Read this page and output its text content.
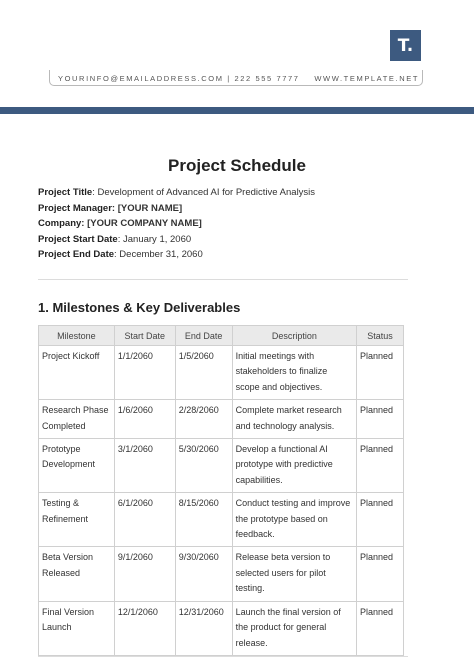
T.
YOURINFO@EMAILADDRESS.COM | 222 555 7777 WWW.TEMPLATE.NET
Project Schedule
Project Title: Development of Advanced AI for Predictive Analysis
Project Manager: [YOUR NAME]
Company: [YOUR COMPANY NAME]
Project Start Date: January 1, 2060
Project End Date: December 31, 2060
1. Milestones & Key Deliverables
Milestone	Start Date	End Date	Description	Status
Project Kickoff	1/1/2060	1/5/2060	Initial meetings with stakeholders to finalize scope and objectives.	Planned
Research Phase Completed	1/6/2060	2/28/2060	Complete market research and technology analysis.	Planned
Prototype Development	3/1/2060	5/30/2060	Develop a functional AI prototype with predictive capabilities.	Planned
Testing & Refinement	6/1/2060	8/15/2060	Conduct testing and improve the prototype based on feedback.	Planned
Beta Version Released	9/1/2060	9/30/2060	Release beta version to selected users for pilot testing.	Planned
Final Version Launch	12/1/2060	12/31/2060	Launch the final version of the product for general release.	Planned
